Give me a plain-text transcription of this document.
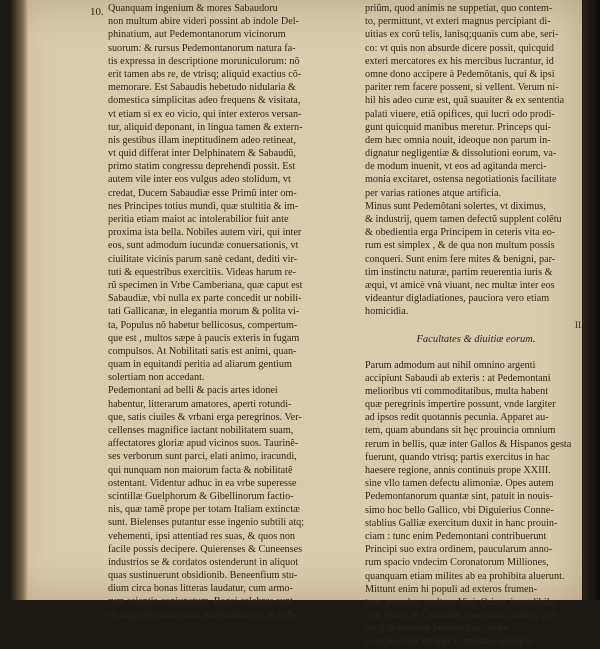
10. Quanquam ingenium & mores Sabaudoru
non multum abire videri possint ab indole Del-
phinatium, aut Pedemontanorum vicinorum
suorum: & rursus Pedemontanorum natura fa-
tis expressa in descriptione moruniculorum: nõ
erit tamen abs re, de vtrisq; aliquid exactius cõ-
memorare. Est Sabaudis hebetudo nidularia &
domestica simplicitas adeo frequens & visitata,
vt etiam si ex eo vicio, qui inter exteros versan-
tur, aliquid deponant, in lingua tamen & extern-
nis gestibus illam ineptitudinem adeo retineat,
vt quid differat inter Delphinatem & Sabaudũ,
primo statim congressu deprehendi possit. Est
autem vile inter eos vulgus adeo stolidum, vt
credat, Ducem Sabaudiæ esse Primũ inter om-
nes Principes totius mundi, quæ stultitia & im-
peritia etiam maiot ac intolerabilior fuit ante
proxima ista bella. Nobiles autem viri, qui inter
eos, sunt admodum iucundæ conuersationis, vt
ciuilitate vicinis parum sanè cedant, dediti vir-
tuti & equestribus exercitiis. Videas harum re-
rũ specimen in Vrbe Camberiana, quæ caput est
Sabaudiæ, vbi nulla ex parte concedit ur nobili-
tati Gallicanæ, in elegantia morum & polita vi-
ta, Populus nõ habetur bellicosus, compertum-
que est , multos sæpe à paucis exteris in fugam
compulsos. At Nobilitati satis est animi, quan-
quam in equitandi peritia ad aliarum gentium
solertiam non accedant.
Pedemontani ad belli & pacis artes idonei
habentur, litterarum amatores, aperti rotundi-
que, satis ciuiles & vrbani erga peregrinos. Ver-
cellenses magnifice iactant nobilitatem suam,
affectatores gloriæ apud vicinos suos. Taurinẽ-
ses verborum sunt parci, elati animo, iracundi,
qui nunquam non maiorum facta & nobilitatẽ
ostentant. Videntur adhuc in ea vrbe superesse
scintillæ Guelphorum & Gibellinorum factio-
nis, quæ tamẽ prope per totam Italiam extinctæ
sunt. Bielenses putantur esse ingenio subtili atq;
vehementi, ipsi attentiad res suas, & quos non
facile possis decipere. Quierenses & Cuneenses
industrios se & cordatos ostenderunt in aliquot
quas sustinuerunt obsidionib. Beneenfium stu-
dium circa bonas litteras laudatur, cum armo-
rum scientia coniunctum. Bagei celebres sunt
ob ingentem numerum molendinorum, & offi-
priũm, quod animis ne suppetiat, quo contem-
to, permittunt, vt exteri magnus percipiant di-
uitias ex corũ telis, lanisq;quanis cum abe, seri-
co: vt quis non absurde dicere possit, quicquid
exteri mercatores ex his mercibus lucrantur, id
omne dono accipere à Pedemõtanis, qui & ipsi
pariter rem facere possent, si vellent. Verum ni-
hil his adeo curæ est, quã suauiter & ex sententia
palati viuere, etiã opifices, qui lucri odo prodi-
gunt quicquid manibus meretur. Princeps qui-
dem hæc omnia nouit, ideoque non parum in-
dignatur negligentiæ & dissolutioni eorum, va-
de modum inuenit, vt eos ad agitanda merci-
monia excitaret, ostensa negotiationis facilitate
per varias rationes atque artificia.
Minus sunt Pedemõtani solertes, vt diximus,
& industrij, quem tamen defectũ supplent colẽtu
& obedientia erga Principem in ceteris vita eo-
rum est simplex , & de qua non multum possis
conqueri. Sunt enim fere mites & benigni, par-
tim instinctu naturæ, partim reuerentia iuris &
æqui, vt amicè vnà viuant, nec multæ inter eos
videantur digladiationes, pauciora vero etiam
homicidia.
Facultates & diuitiæ eorum.
Parum admodum aut nihil omnino argenti
accipiunt Sabaudi ab exteris : at Pedemontani
melioribus vti commoditatibus, multa habent
quæ peregrinis impertire possunt, vnde largiter
ad ipsos redit quotannis pecunia. Apparet au-
tem, quam abundans sit hęc prouincia omnium
rerum in bellis, quæ inter Gallos & Hispanos gesta
fuerunt, quando vtrisq; partis exercitus in hac
haesere regione, annis continuis prope XXIII.
sine vllo tamen defectu alimoniæ. Opes autem
Pedemontanorum quantæ sint, patuit in nouis-
simo hoc bello Gallico, vbi Diguierius Conne-
stablius Galliæ exercitum duxit in hanc prouin-
ciam : tunc enim Pedemontani contribuerunt
Principi suo extra ordinem, paucularum anno-
rum spacio vndecim Coronatorum Milliones,
quanquam etiam milites ab ea prohibita aluerunt.
Mittunt enim hi populi ad exteros frumen-
tum, pecudes, multum Vini, Orizæ, incredibile
vim Sparti ac Cannabis, caseorum, chartæ, gol-
sypij & materiæ bombycinæ crudæ.
Complectitur insuper Comitatus quinqua-
II.
